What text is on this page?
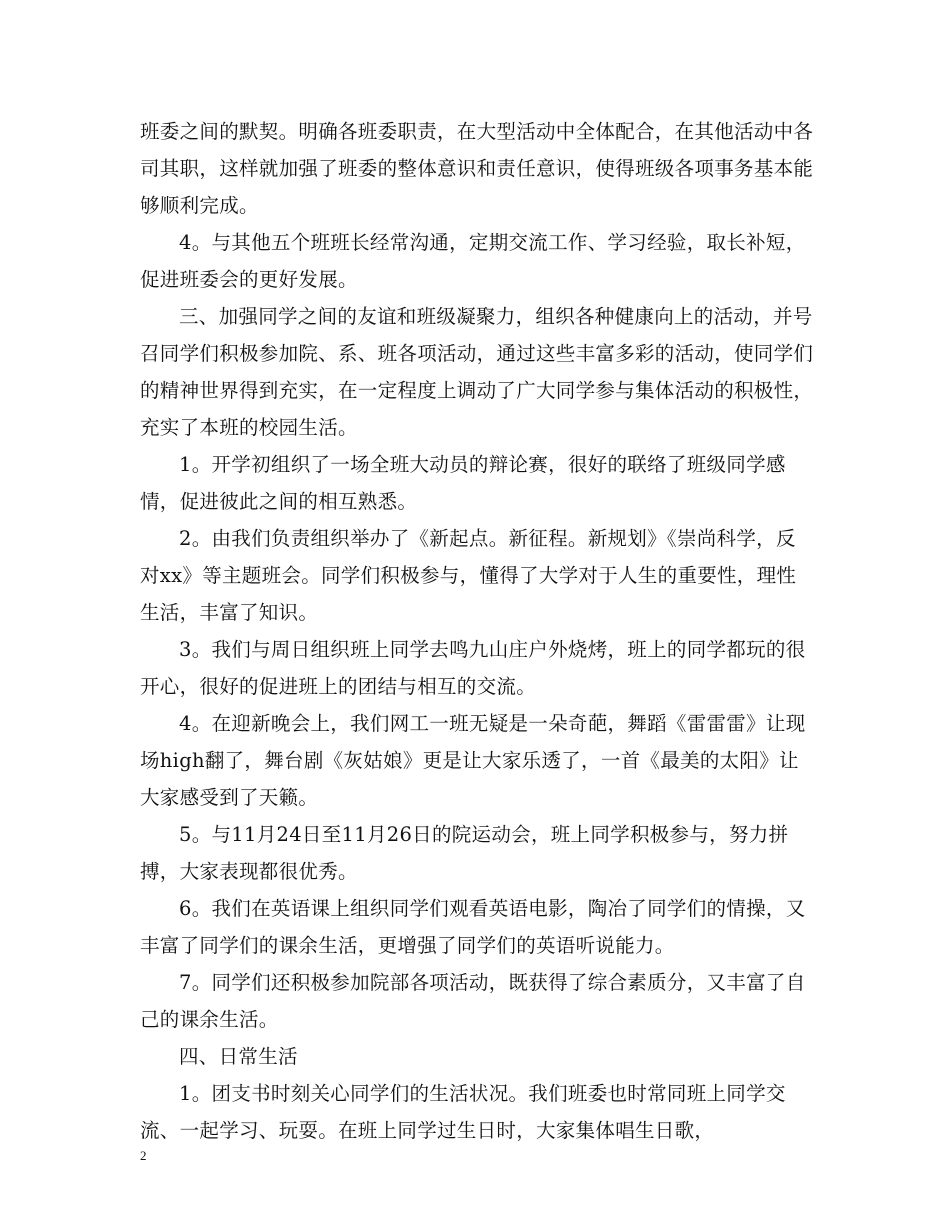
班委之间的默契。明确各班委职责，在大型活动中全体配合，在其他活动中各司其职，这样就加强了班委的整体意识和责任意识，使得班级各项事务基本能够顺利完成。

4。与其他五个班班长经常沟通，定期交流工作、学习经验，取长补短，促进班委会的更好发展。

三、加强同学之间的友谊和班级凝聚力，组织各种健康向上的活动，并号召同学们积极参加院、系、班各项活动，通过这些丰富多彩的活动，使同学们的精神世界得到充实，在一定程度上调动了广大同学参与集体活动的积极性，充实了本班的校园生活。

1。开学初组织了一场全班大动员的辩论赛，很好的联络了班级同学感情，促进彼此之间的相互熟悉。

2。由我们负责组织举办了《新起点。新征程。新规划》《崇尚科学，反对xx》等主题班会。同学们积极参与，懂得了大学对于人生的重要性，理性生活，丰富了知识。

3。我们与周日组织班上同学去鸣九山庄户外烧烤，班上的同学都玩的很开心，很好的促进班上的团结与相互的交流。

4。在迎新晚会上，我们网工一班无疑是一朵奇葩，舞蹈《雷雷雷》让现场high翻了，舞台剧《灰姑娘》更是让大家乐透了，一首《最美的太阳》让大家感受到了天籁。

5。与11月24日至11月26日的院运动会，班上同学积极参与，努力拼搏，大家表现都很优秀。

6。我们在英语课上组织同学们观看英语电影，陶冶了同学们的情操，又丰富了同学们的课余生活，更增强了同学们的英语听说能力。

7。同学们还积极参加院部各项活动，既获得了综合素质分，又丰富了自己的课余生活。

四、日常生活

1。团支书时刻关心同学们的生活状况。我们班委也时常同班上同学交流、一起学习、玩耍。在班上同学过生日时，大家集体唱生日歌，

2
